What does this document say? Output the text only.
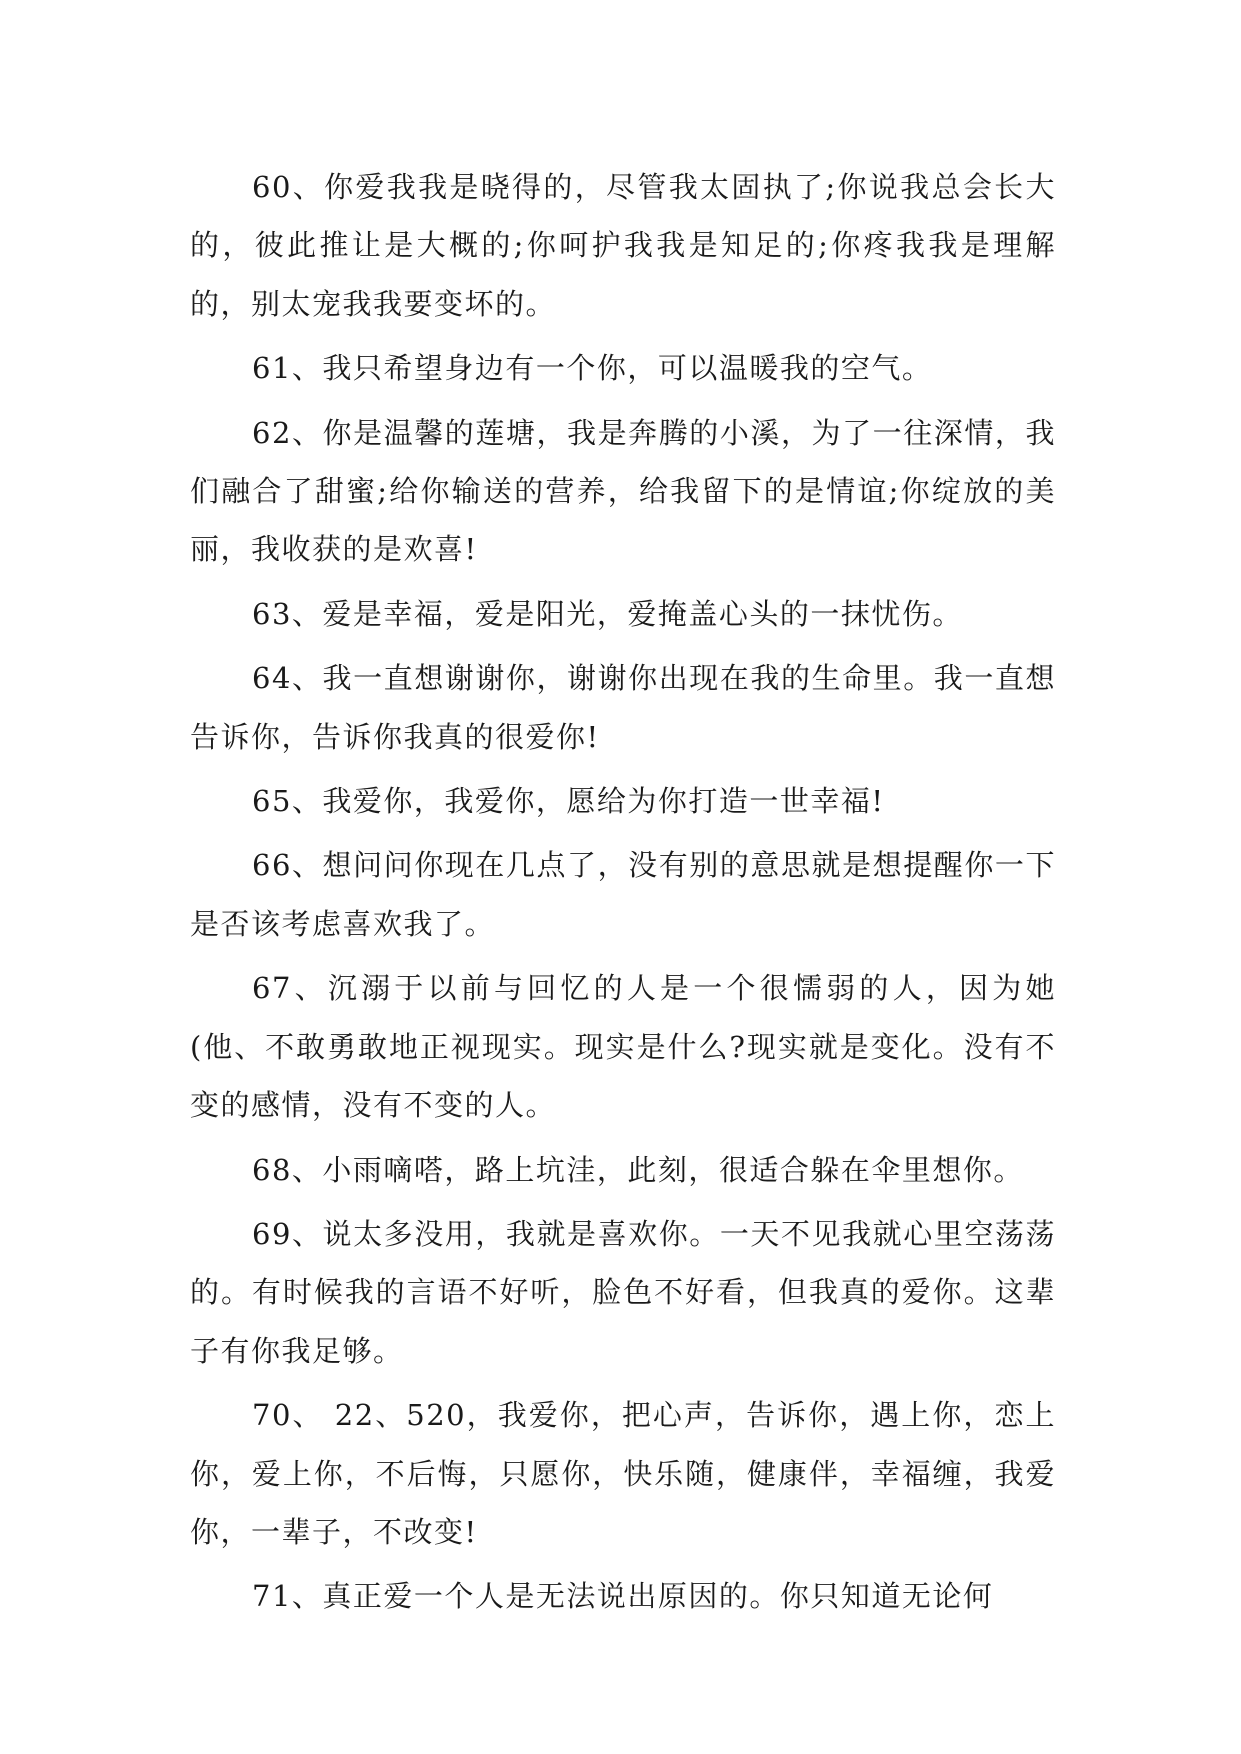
60、你爱我我是晓得的，尽管我太固执了;你说我总会长大的，彼此推让是大概的;你呵护我我是知足的;你疼我我是理解的，别太宠我我要变坏的。

61、我只希望身边有一个你，可以温暖我的空气。

62、你是温馨的莲塘，我是奔腾的小溪，为了一往深情，我们融合了甜蜜;给你输送的营养，给我留下的是情谊;你绽放的美丽，我收获的是欢喜!

63、爱是幸福，爱是阳光，爱掩盖心头的一抹忧伤。

64、我一直想谢谢你，谢谢你出现在我的生命里。我一直想告诉你，告诉你我真的很爱你!

65、我爱你，我爱你，愿给为你打造一世幸福!

66、想问问你现在几点了，没有别的意思就是想提醒你一下是否该考虑喜欢我了。

67、沉溺于以前与回忆的人是一个很懦弱的人，因为她(他、不敢勇敢地正视现实。现实是什么?现实就是变化。没有不变的感情，没有不变的人。

68、小雨嘀嗒，路上坑洼，此刻，很适合躲在伞里想你。

69、说太多没用，我就是喜欢你。一天不见我就心里空荡荡的。有时候我的言语不好听，脸色不好看，但我真的爱你。这辈子有你我足够。

70、 22、520，我爱你，把心声，告诉你，遇上你，恋上你，爱上你，不后悔，只愿你，快乐随，健康伴，幸福缠，我爱你，一辈子，不改变!

71、真正爱一个人是无法说出原因的。你只知道无论何
